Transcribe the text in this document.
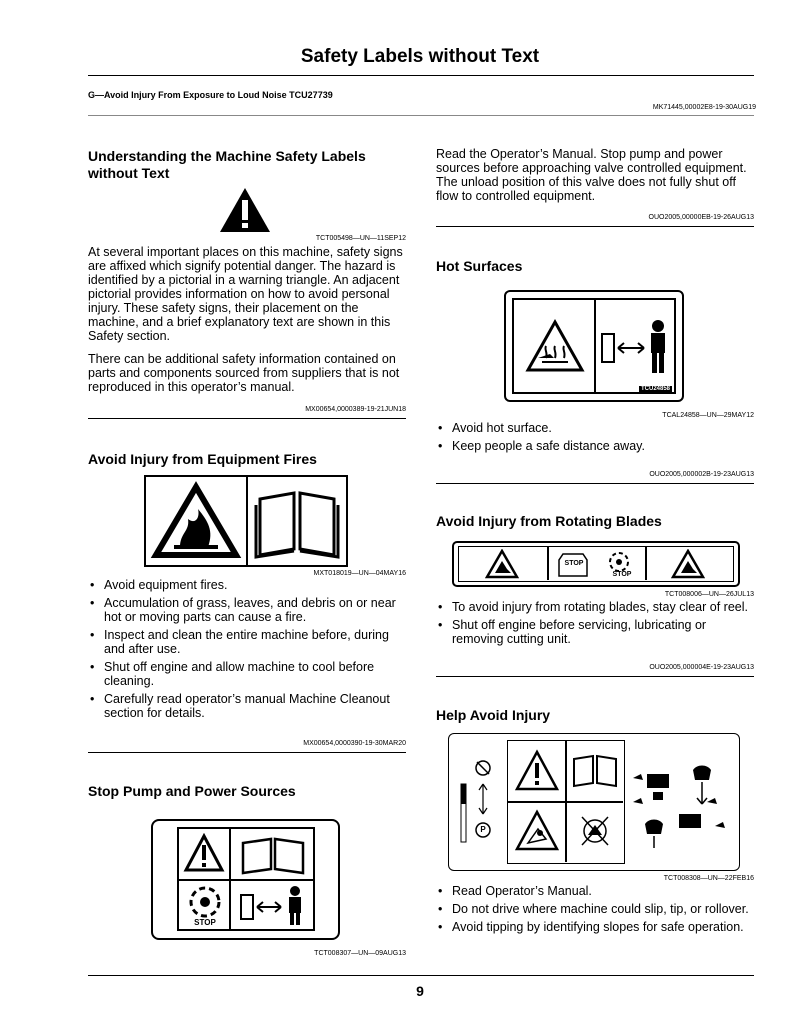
Safety Labels without Text
G—Avoid Injury From Exposure to Loud Noise TCU27739
MK71445,00002E8-19-30AUG19
Understanding the Machine Safety Labels without Text
TCT005498—UN—11SEP12
At several important places on this machine, safety signs are affixed which signify potential danger. The hazard is identified by a pictorial in a warning triangle. An adjacent pictorial provides information on how to avoid personal injury. These safety signs, their placement on the machine, and a brief explanatory text are shown in this Safety section.
There can be additional safety information contained on parts and components sourced from suppliers that is not reproduced in this operator’s manual.
MX00654,0000389-19-21JUN18
Avoid Injury from Equipment Fires
MXT018019—UN—04MAY16
• Avoid equipment fires.
• Accumulation of grass, leaves, and debris on or near hot or moving parts can cause a fire.
• Inspect and clean the entire machine before, during and after use.
• Shut off engine and allow machine to cool before cleaning.
• Carefully read operator’s manual Machine Cleanout section for details.
MX00654,0000390-19-30MAR20
Stop Pump and Power Sources
STOP
TCT008307—UN—09AUG13
Read the Operator’s Manual. Stop pump and power sources before approaching valve controlled equipment. The unload position of this valve does not fully shut off flow to controlled equipment.
OUO2005,00000EB-19-26AUG13
Hot Surfaces
TCU24858
TCAL24858—UN—29MAY12
• Avoid hot surface.
• Keep people a safe distance away.
OUO2005,000002B-19-23AUG13
Avoid Injury from Rotating Blades
STOP
STOP
TCT008006—UN—26JUL13
• To avoid injury from rotating blades, stay clear of reel.
• Shut off engine before servicing, lubricating or removing cutting unit.
OUO2005,000004E-19-23AUG13
Help Avoid Injury
P
TCT008308—UN—22FEB16
• Read Operator’s Manual.
• Do not drive where machine could slip, tip, or rollover.
• Avoid tipping by identifying slopes for safe operation.
9
